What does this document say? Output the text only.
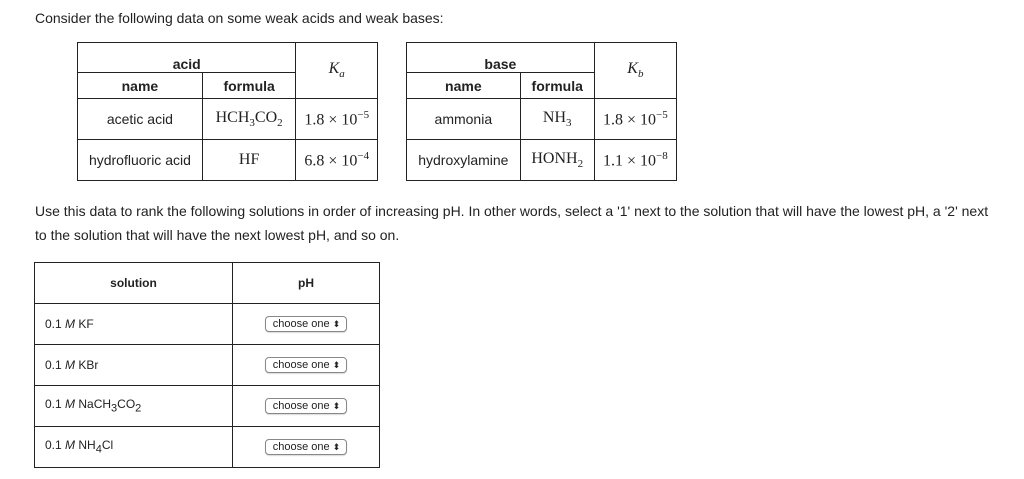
Consider the following data on some weak acids and weak bases:
acid		$K_a$
name	formula	
acetic acid	$HCH_3CO_2$	$1.8 \times 10^{-5}$
hydrofluoric acid	HF	$6.8 \times 10^{-4}$
base		$K_b$
name	formula	
ammonia	$NH_3$	$1.8 \times 10^{-5}$
hydroxylamine	$HONH_2$	$1.1 \times 10^{-8}$
Use this data to rank the following solutions in order of increasing pH. In other words, select a '1' next to the solution that will have the lowest pH, a '2' next to the solution that will have the next lowest pH, and so on.
solution	pH
0.1 M KF	choose one ⬍
0.1 M KBr	choose one ⬍
0.1 M $NaCH_3CO_2$	choose one ⬍
0.1 M $NH_4Cl$	choose one ⬍
